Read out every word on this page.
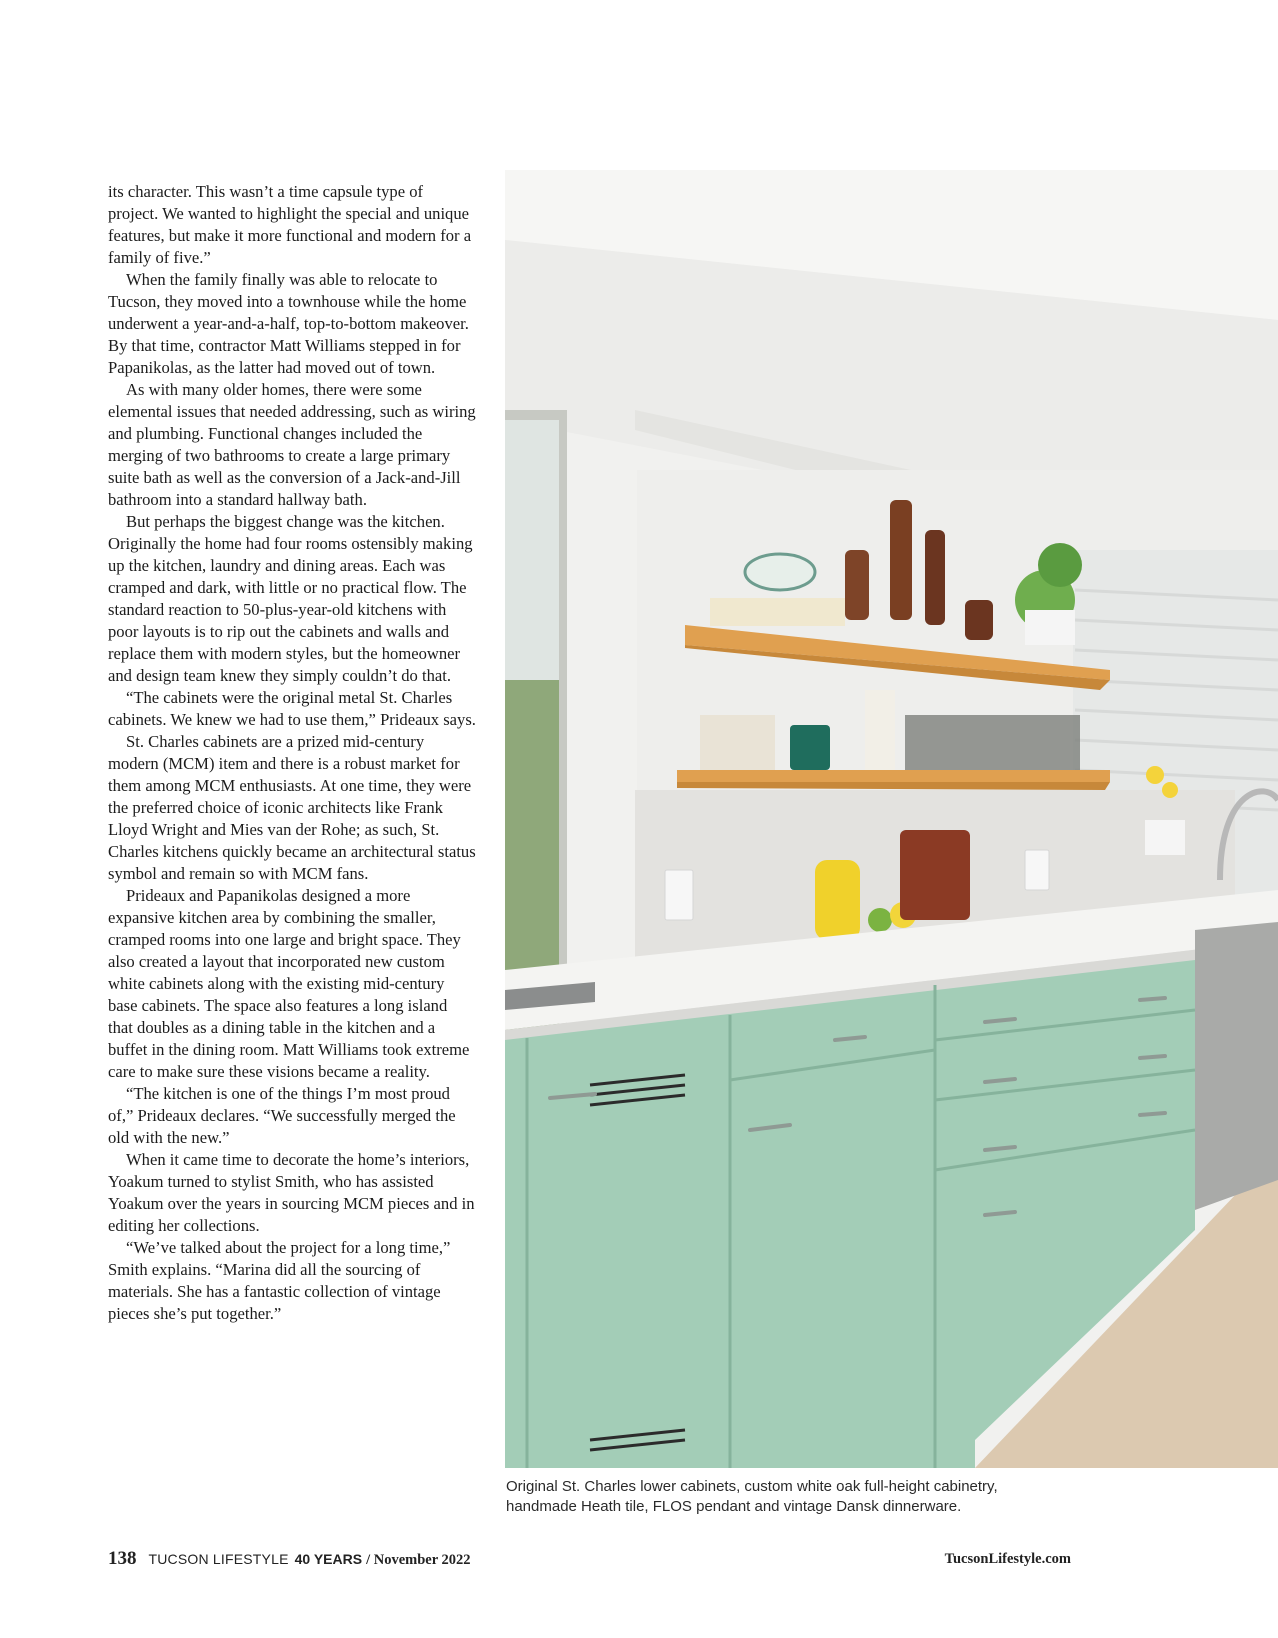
its character. This wasn’t a time capsule type of project. We wanted to highlight the special and unique features, but make it more functional and modern for a family of five.”

When the family finally was able to relocate to Tucson, they moved into a townhouse while the home underwent a year-and-a-half, top-to-bottom makeover. By that time, contractor Matt Williams stepped in for Papanikolas, as the latter had moved out of town.

As with many older homes, there were some elemental issues that needed addressing, such as wiring and plumbing. Functional changes included the merging of two bathrooms to create a large primary suite bath as well as the conversion of a Jack-and-Jill bathroom into a standard hallway bath.

But perhaps the biggest change was the kitchen. Originally the home had four rooms ostensibly making up the kitchen, laundry and dining areas. Each was cramped and dark, with little or no practical flow. The standard reaction to 50-plus-year-old kitchens with poor layouts is to rip out the cabinets and walls and replace them with modern styles, but the homeowner and design team knew they simply couldn’t do that.

“The cabinets were the original metal St. Charles cabinets. We knew we had to use them,” Prideaux says.

St. Charles cabinets are a prized mid-century modern (MCM) item and there is a robust market for them among MCM enthusiasts. At one time, they were the preferred choice of iconic architects like Frank Lloyd Wright and Mies van der Rohe; as such, St. Charles kitchens quickly became an architectural status symbol and remain so with MCM fans.

Prideaux and Papanikolas designed a more expansive kitchen area by combining the smaller, cramped rooms into one large and bright space. They also created a layout that incorporated new custom white cabinets along with the existing mid-century base cabinets. The space also features a long island that doubles as a dining table in the kitchen and a buffet in the dining room. Matt Williams took extreme care to make sure these visions became a reality.

“The kitchen is one of the things I’m most proud of,” Prideaux declares. “We successfully merged the old with the new.”

When it came time to decorate the home’s interiors, Yoakum turned to stylist Smith, who has assisted Yoakum over the years in sourcing MCM pieces and in editing her collections.

“We’ve talked about the project for a long time,” Smith explains. “Marina did all the sourcing of materials. She has a fantastic collection of vintage pieces she’s put together.”

Original St. Charles lower cabinets, custom white oak full-height cabinetry, handmade Heath tile, FLOS pendant and vintage Dansk dinnerware.
138 TUCSON LIFESTYLE 40 YEARS / November 2022	TucsonLifestyle.com
